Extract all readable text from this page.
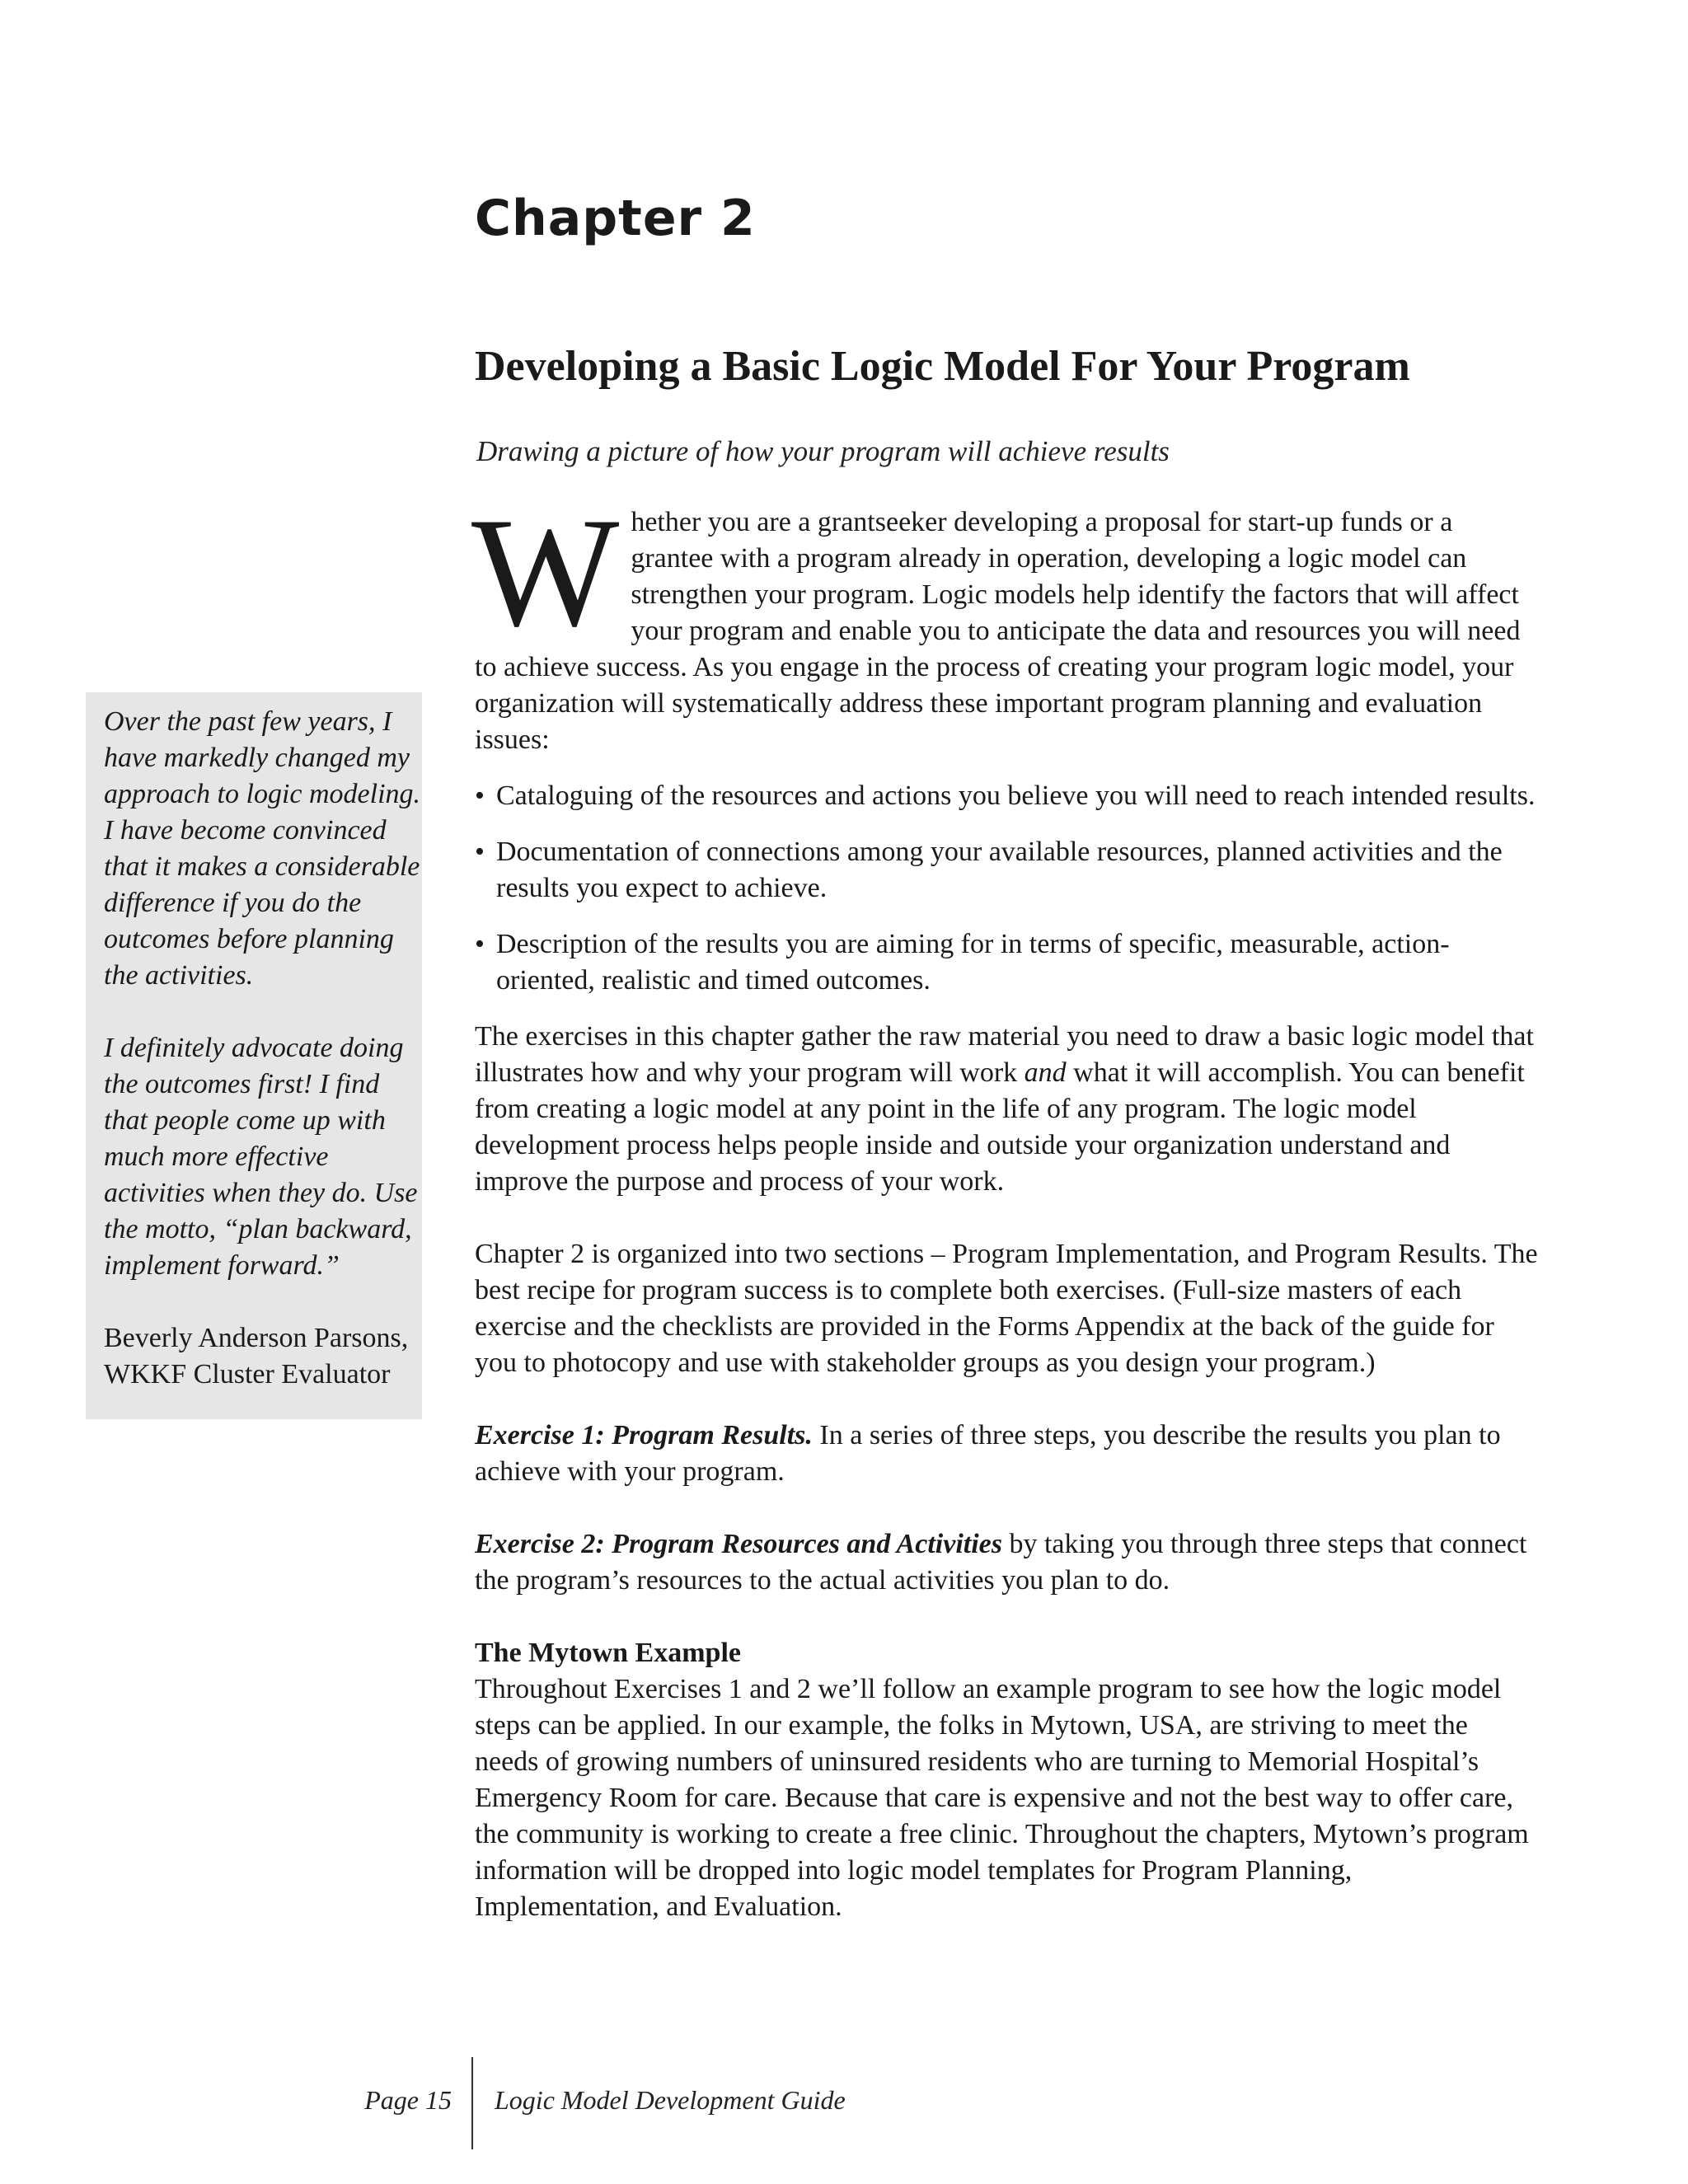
Chapter 2
Developing a Basic Logic Model For Your Program
Drawing a picture of how your program will achieve results

Whether you are a grantseeker developing a proposal for start-up funds or a grantee with a program already in operation, developing a logic model can strengthen your program. Logic models help identify the factors that will affect your program and enable you to anticipate the data and resources you will need to achieve success. As you engage in the process of creating your program logic model, your organization will systematically address these important program planning and evaluation issues:

• Cataloguing of the resources and actions you believe you will need to reach intended results.
• Documentation of connections among your available resources, planned activities and the results you expect to achieve.
• Description of the results you are aiming for in terms of specific, measurable, action-oriented, realistic and timed outcomes.

The exercises in this chapter gather the raw material you need to draw a basic logic model that illustrates how and why your program will work and what it will accomplish. You can benefit from creating a logic model at any point in the life of any program. The logic model development process helps people inside and outside your organization understand and improve the purpose and process of your work.

Chapter 2 is organized into two sections – Program Implementation, and Program Results. The best recipe for program success is to complete both exercises. (Full-size masters of each exercise and the checklists are provided in the Forms Appendix at the back of the guide for you to photocopy and use with stakeholder groups as you design your program.)

Exercise 1: Program Results. In a series of three steps, you describe the results you plan to achieve with your program.

Exercise 2: Program Resources and Activities by taking you through three steps that connect the program’s resources to the actual activities you plan to do.

The Mytown Example

Throughout Exercises 1 and 2 we’ll follow an example program to see how the logic model steps can be applied. In our example, the folks in Mytown, USA, are striving to meet the needs of growing numbers of uninsured residents who are turning to Memorial Hospital’s Emergency Room for care. Because that care is expensive and not the best way to offer care, the community is working to create a free clinic. Throughout the chapters, Mytown’s program information will be dropped into logic model templates for Program Planning, Implementation, and Evaluation.

Over the past few years, I have markedly changed my approach to logic modeling. I have become convinced that it makes a considerable difference if you do the outcomes before planning the activities.

I definitely advocate doing the outcomes first! I find that people come up with much more effective activities when they do. Use the motto, “plan backward, implement forward.”

Beverly Anderson Parsons,
WKKF Cluster Evaluator

Page 15 Logic Model Development Guide
